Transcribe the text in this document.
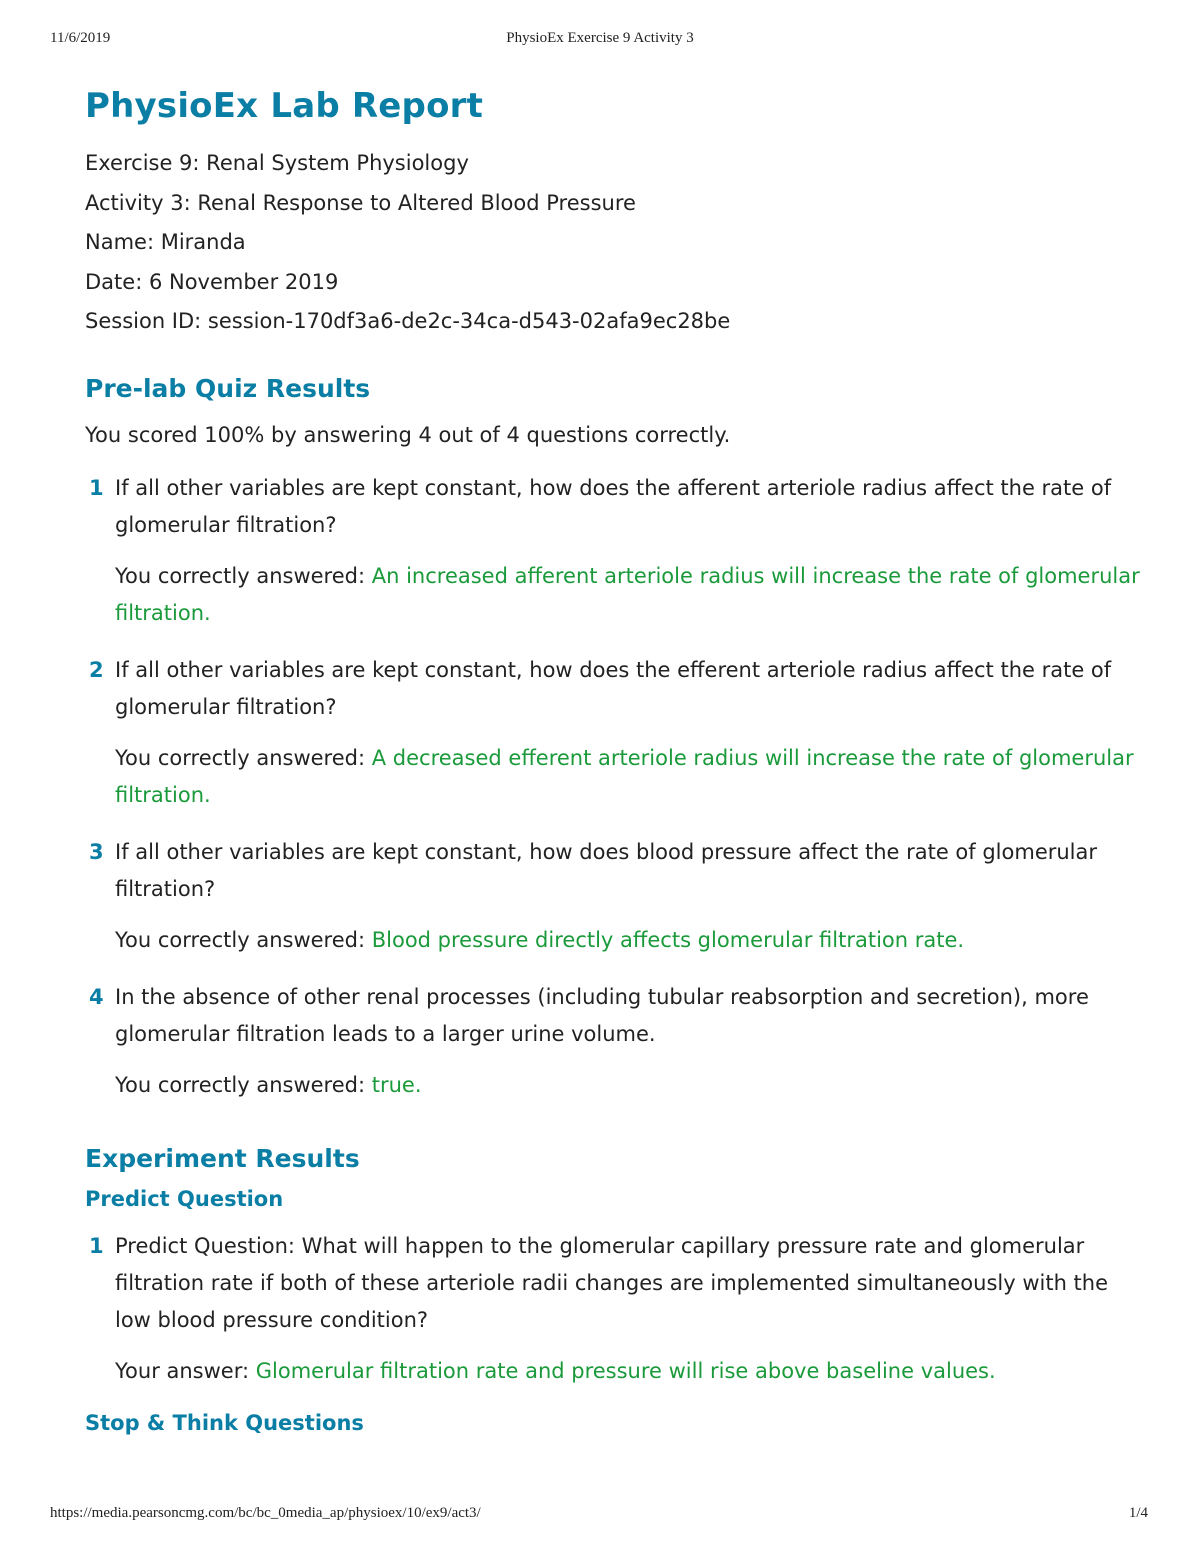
11/6/2019	PhysioEx Exercise 9 Activity 3
PhysioEx Lab Report
Exercise 9: Renal System Physiology
Activity 3: Renal Response to Altered Blood Pressure
Name: Miranda
Date: 6 November 2019
Session ID: session-170df3a6-de2c-34ca-d543-02afa9ec28be
Pre-lab Quiz Results
You scored 100% by answering 4 out of 4 questions correctly.
1 If all other variables are kept constant, how does the afferent arteriole radius affect the rate of glomerular filtration?
You correctly answered: An increased afferent arteriole radius will increase the rate of glomerular filtration.
2 If all other variables are kept constant, how does the efferent arteriole radius affect the rate of glomerular filtration?
You correctly answered: A decreased efferent arteriole radius will increase the rate of glomerular filtration.
3 If all other variables are kept constant, how does blood pressure affect the rate of glomerular filtration?
You correctly answered: Blood pressure directly affects glomerular filtration rate.
4 In the absence of other renal processes (including tubular reabsorption and secretion), more glomerular filtration leads to a larger urine volume.
You correctly answered: true.
Experiment Results
Predict Question
1 Predict Question: What will happen to the glomerular capillary pressure rate and glomerular filtration rate if both of these arteriole radii changes are implemented simultaneously with the low blood pressure condition?
Your answer: Glomerular filtration rate and pressure will rise above baseline values.
Stop & Think Questions
https://media.pearsoncmg.com/bc/bc_0media_ap/physioex/10/ex9/act3/	1/4
